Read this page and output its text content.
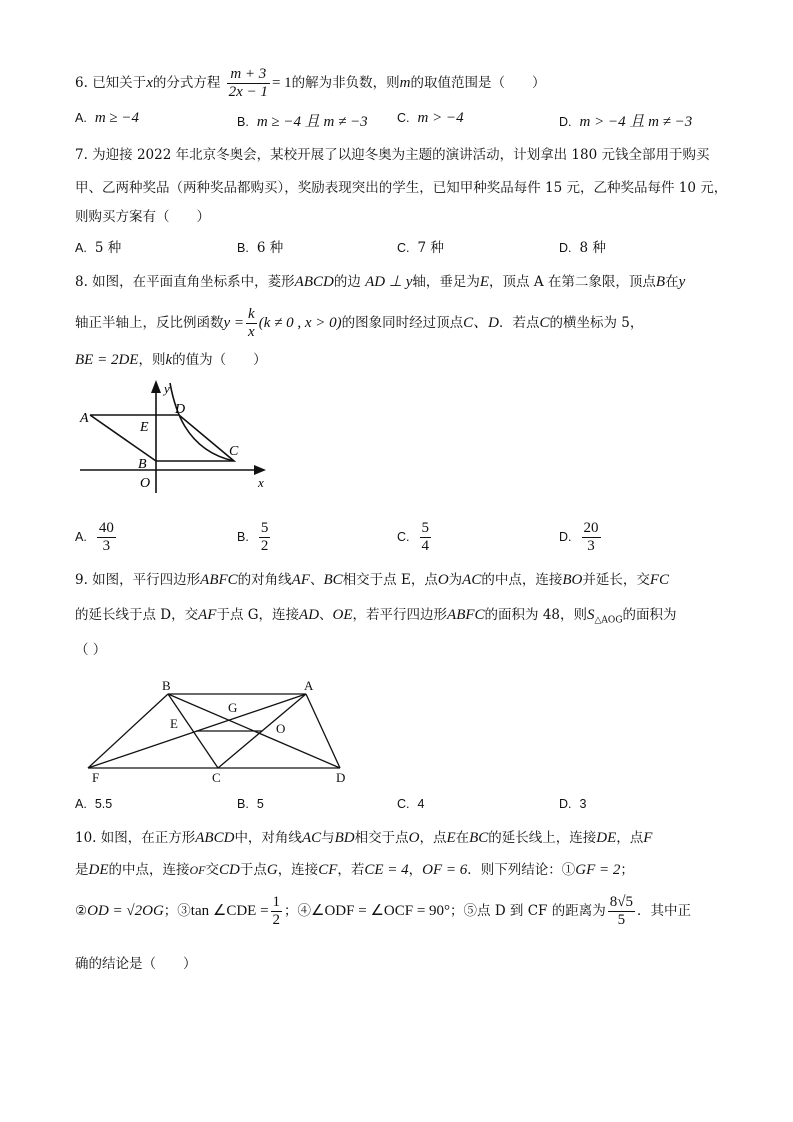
6. 已知关于x的分式方程 $\frac{m + 3}{2x - 1} = 1$的解为非负数，则m的取值范围是（　　）
A. m ≥ −4	B. m ≥ −4 且 m ≠ −3 C. m > −4	D. m > −4 且 m ≠ −3
7. 为迎接 2022 年北京冬奥会，某校开展了以迎冬奥为主题的演讲活动，计划拿出 180 元钱全部用于购买
甲、乙两种奖品（两种奖品都购买），奖励表现突出的学生，已知甲种奖品每件 15 元，乙种奖品每件 10 元，
则购买方案有（　　）
A. 5 种	B. 6 种	C. 7 种	D. 8 种
8. 如图，在平面直角坐标系中，菱形ABCD的边 AD ⊥ y轴，垂足为E，顶点 A 在第二象限，顶点B在y
轴正半轴上，反比例函数$y = \frac{k}{x} (k \ne 0$ , x > 0)的图象同时经过顶点C、D．若点C的横坐标为 5，
BE = 2DE，则k的值为（　　）
A
D
E
C
B
O	x
y
A. $\frac{40}{3}$	B. $\frac{5}{2}$	C. $\frac{5}{4}$	D. $\frac{20}{3}$
9. 如图，平行四边形ABFC的对角线AF、BC相交于点 E，点O为AC的中点，连接BO并延长，交FC
的延长线于点 D，交AF于点 G，连接AD、OE，若平行四边形ABFC的面积为 48，则$S_{\triangle AOG}$的面积为
（ ）
B	A
G
E	O
F	C	D
A. 5.5	B. 5	C. 4	D. 3
10. 如图，在正方形ABCD中，对角线AC与BD相交于点O，点E在BC的延长线上，连接DE，点F
是DE的中点，连接OF交CD于点G，连接CF，若CE = 4，OF = 6．则下列结论：①GF = 2；
②OD = √2OG；③tan ∠CDE = $\frac{1}{2}$ ；④∠ODF = ∠OCF = 90°；⑤点 D 到 CF 的距离为 $\frac{8√5}{5}$ ．其中正
确的结论是（　　）
